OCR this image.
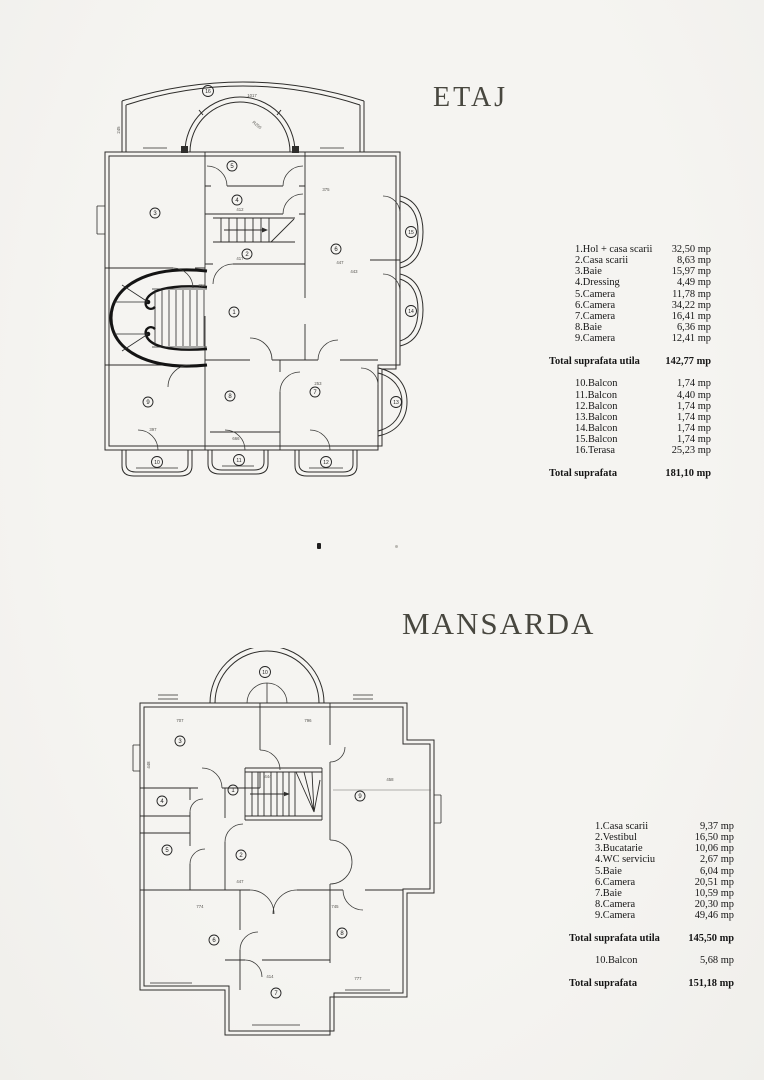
ETAJ
1
2
3
4
5
6
7
8
9
10	11	12
13
14
15
16
1017
R250
766
412
417
447
375
253
397
666
245
443
1.Hol + casa scarii 32,50 mp
2.Casa scarii	8,63 mp
3.Baie	15,97 mp
4.Dressing	4,49 mp
5.Camera	11,78 mp
6.Camera	34,22 mp
7.Camera	16,41 mp
8.Baie	6,36 mp
9.Camera	12,41 mp
Total suprafata utila 142,77 mp
10.Balcon	1,74 mp
11.Balcon	4,40 mp
12.Balcon	1,74 mp
13.Balcon	1,74 mp
14.Balcon	1,74 mp
15.Balcon	1,74 mp
16.Terasa	25,23 mp
Total suprafata	181,10 mp
MANSARDA
1
2
3
4
5
6
7
8
9
10
707	796
458
444
447
774	745
414	777
448
1.Casa scarii	9,37 mp
2.Vestibul	16,50 mp
3.Bucatarie	10,06 mp
4.WC serviciu	2,67 mp
5.Baie	6,04 mp
6.Camera	20,51 mp
7.Baie	10,59 mp
8.Camera	20,30 mp
9.Camera	49,46 mp
Total suprafata utila	145,50 mp
10.Balcon	5,68 mp
Total suprafata	151,18 mp
